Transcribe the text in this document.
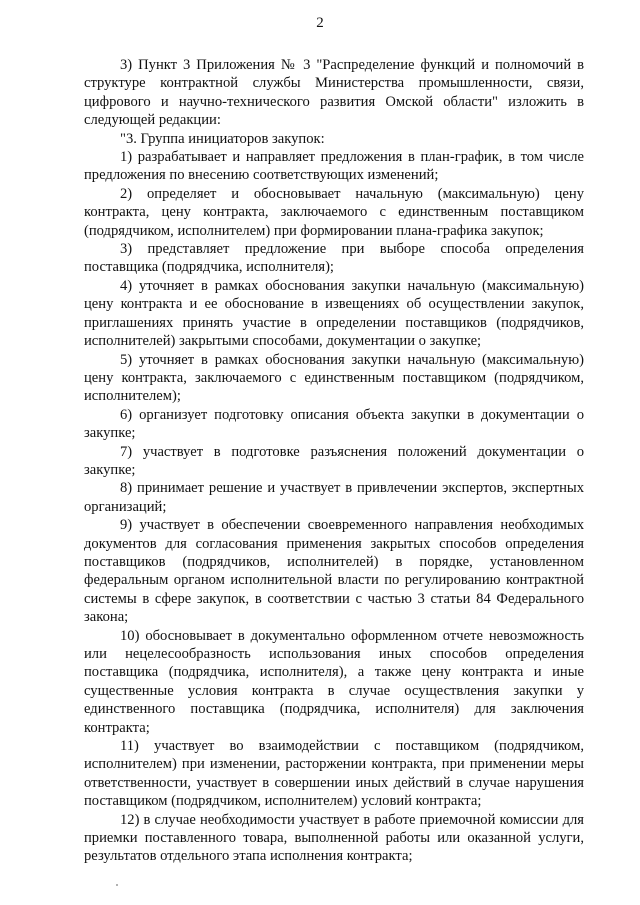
2

3) Пункт 3 Приложения № 3 "Распределение функций и полномочий в структуре контрактной службы Министерства промышленности, связи, цифрового и научно-технического развития Омской области" изложить в следующей редакции:

"3. Группа инициаторов закупок:

1) разрабатывает и направляет предложения в план-график, в том числе предложения по внесению соответствующих изменений;

2) определяет и обосновывает начальную (максимальную) цену контракта, цену контракта, заключаемого с единственным поставщиком (подрядчиком, исполнителем) при формировании плана-графика закупок;

3) представляет предложение при выборе способа определения поставщика (подрядчика, исполнителя);

4) уточняет в рамках обоснования закупки начальную (максимальную) цену контракта и ее обоснование в извещениях об осуществлении закупок, приглашениях принять участие в определении поставщиков (подрядчиков, исполнителей) закрытыми способами, документации о закупке;

5) уточняет в рамках обоснования закупки начальную (максимальную) цену контракта, заключаемого с единственным поставщиком (подрядчиком, исполнителем);

6) организует подготовку описания объекта закупки в документации о закупке;

7) участвует в подготовке разъяснения положений документации о закупке;

8) принимает решение и участвует в привлечении экспертов, экспертных организаций;

9) участвует в обеспечении своевременного направления необходимых документов для согласования применения закрытых способов определения поставщиков (подрядчиков, исполнителей) в порядке, установленном федеральным органом исполнительной власти по регулированию контрактной системы в сфере закупок, в соответствии с частью 3 статьи 84 Федерального закона;

10) обосновывает в документально оформленном отчете невозможность или нецелесообразность использования иных способов определения поставщика (подрядчика, исполнителя), а также цену контракта и иные существенные условия контракта в случае осуществления закупки у единственного поставщика (подрядчика, исполнителя) для заключения контракта;

11) участвует во взаимодействии с поставщиком (подрядчиком, исполнителем) при изменении, расторжении контракта, при применении меры ответственности, участвует в совершении иных действий в случае нарушения поставщиком (подрядчиком, исполнителем) условий контракта;

12) в случае необходимости участвует в работе приемочной комиссии для приемки поставленного товара, выполненной работы или оказанной услуги, результатов отдельного этапа исполнения контракта;
